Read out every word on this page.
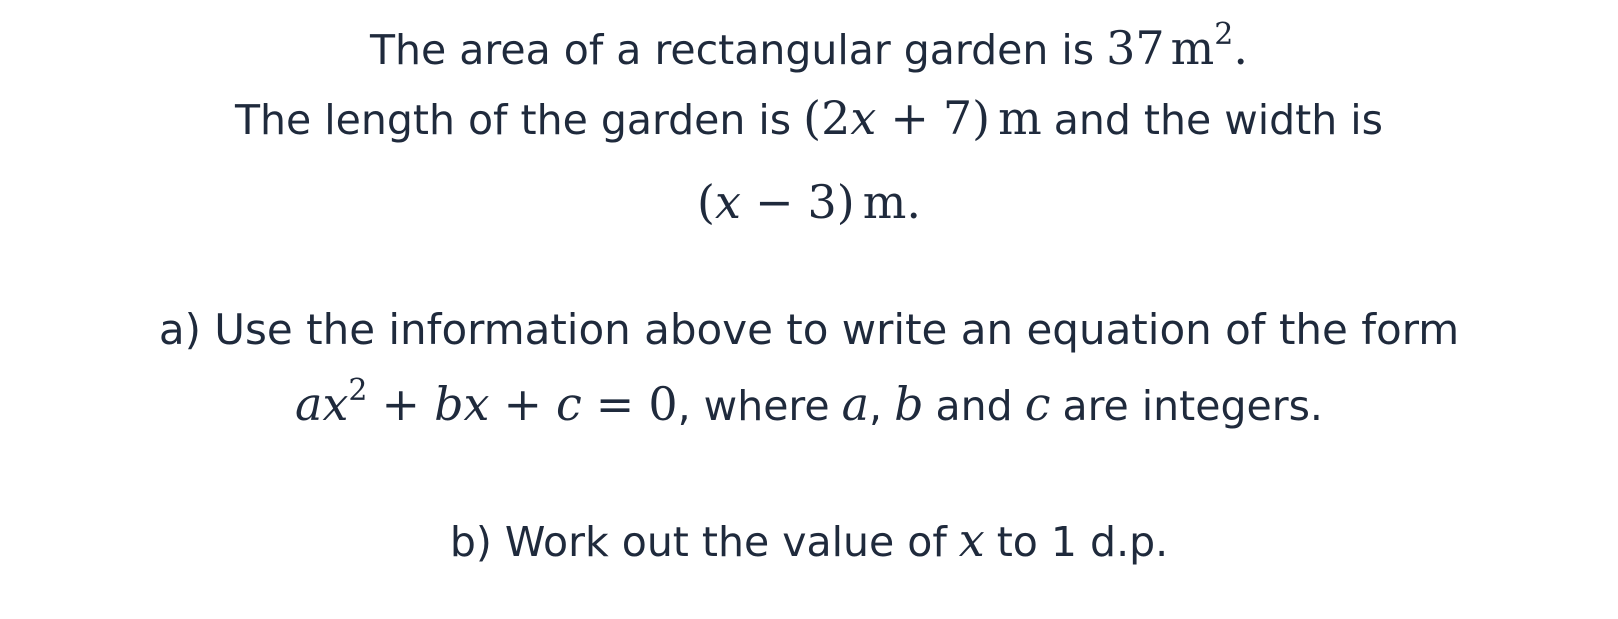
The area of a rectangular garden is 37 $m^2$.
The length of the garden is (2x + 7) m and the width is
(x − 3) m.
a) Use the information above to write an equation of the form
$ax^2$ + bx + c = 0, where a, b and c are integers.
b) Work out the value of x to 1 d.p.
